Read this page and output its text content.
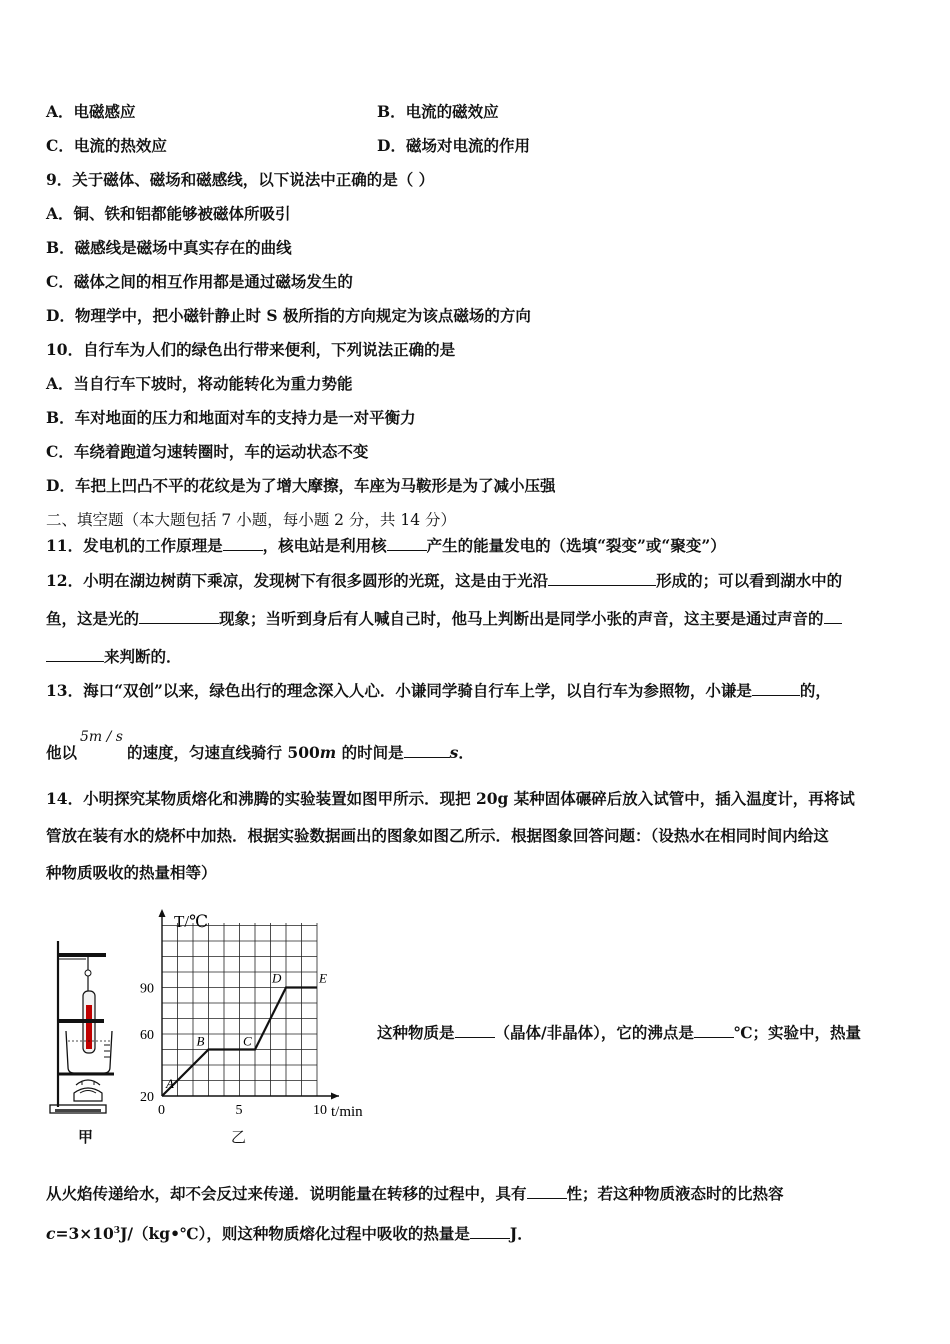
A．电磁感应	B．电流的磁效应
C．电流的热效应	D．磁场对电流的作用
9．关于磁体、磁场和磁感线，以下说法中正确的是（ ）
A．铜、铁和铝都能够被磁体所吸引
B．磁感线是磁场中真实存在的曲线
C．磁体之间的相互作用都是通过磁场发生的
D．物理学中，把小磁针静止时 S 极所指的方向规定为该点磁场的方向
10．自行车为人们的绿色出行带来便利，下列说法正确的是
A．当自行车下坡时，将动能转化为重力势能
B．车对地面的压力和地面对车的支持力是一对平衡力
C．车绕着跑道匀速转圈时，车的运动状态不变
D．车把上凹凸不平的花纹是为了增大摩擦，车座为马鞍形是为了减小压强
二、填空题（本大题包括 7 小题，每小题 2 分，共 14 分）
11．发电机的工作原理是	，核电站是利用核	产生的能量发电的（选填“裂变”或“聚变”）
12．小明在湖边树荫下乘凉，发现树下有很多圆形的光斑，这是由于光沿	形成的；可以看到湖水中的
鱼，这是光的	现象；当听到身后有人喊自己时，他马上判断出是同学小张的声音，这主要是通过声音的
来判断的．
13．海口“双创”以来，绿色出行的理念深入人心．小谦同学骑自行车上学，以自行车为参照物，小谦是	的，
5m / s
他以	的速度，匀速直线骑行 500m 的时间是	s．
14．小明探究某物质熔化和沸腾的实验装置如图甲所示．现把 20g 某种固体碾碎后放入试管中，插入温度计，再将试
管放在装有水的烧杯中加热．根据实验数据画出的图象如图乙所示．根据图象回答问题：（设热水在相同时间内给这
种物质吸收的热量相等）
甲
T/℃
t/min
0	5	10
20
60
90
A
B	C
D	E
乙
这种物质是	（晶体/非晶体），它的沸点是	℃；实验中，热量
从火焰传递给水，却不会反过来传递．说明能量在转移的过程中，具有	性；若这种物质液态时的比热容
$c=3\times 10^3J/(kg•℃)$，则这种物质熔化过程中吸收的热量是	J．
